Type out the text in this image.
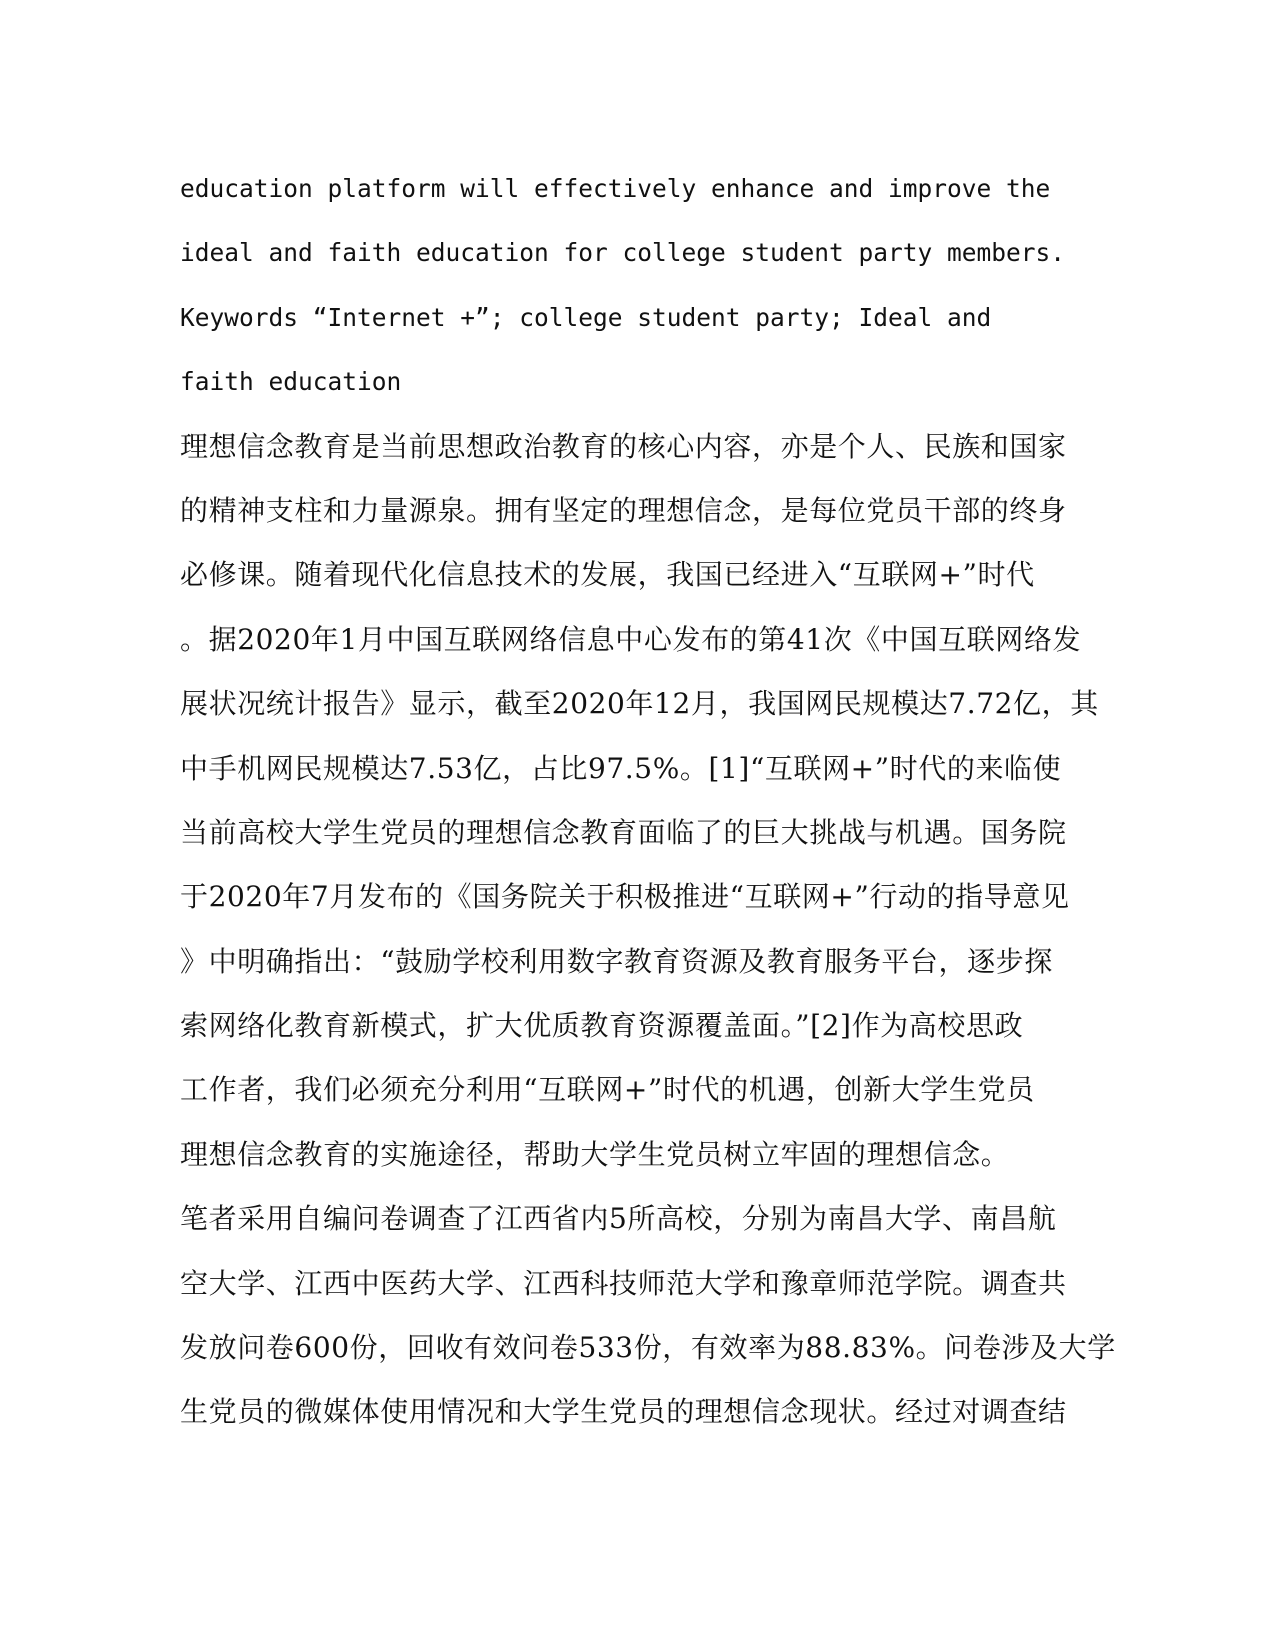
education platform will effectively enhance and improve the
ideal and faith education for college student party members.
Keywords “Internet +”; college student party; Ideal and
faith education
理想信念教育是当前思想政治教育的核心内容，亦是个人、民族和国家
的精神支柱和力量源泉。拥有坚定的理想信念，是每位党员干部的终身
必修课。随着现代化信息技术的发展，我国已经进入“互联网+”时代
。据2020年1月中国互联网络信息中心发布的第41次《中国互联网络发
展状况统计报告》显示，截至2020年12月，我国网民规模达7.72亿，其
中手机网民规模达7.53亿，占比97.5%。[1]“互联网+”时代的来临使
当前高校大学生党员的理想信念教育面临了的巨大挑战与机遇。国务院
于2020年7月发布的《国务院关于积极推进“互联网+”行动的指导意见
》中明确指出：“鼓励学校利用数字教育资源及教育服务平台，逐步探
索网络化教育新模式，扩大优质教育资源覆盖面。”[2]作为高校思政
工作者，我们必须充分利用“互联网+”时代的机遇，创新大学生党员
理想信念教育的实施途径，帮助大学生党员树立牢固的理想信念。
笔者采用自编问卷调查了江西省内5所高校，分别为南昌大学、南昌航
空大学、江西中医药大学、江西科技师范大学和豫章师范学院。调查共
发放问卷600份，回收有效问卷533份，有效率为88.83%。问卷涉及大学
生党员的微媒体使用情况和大学生党员的理想信念现状。经过对调查结
